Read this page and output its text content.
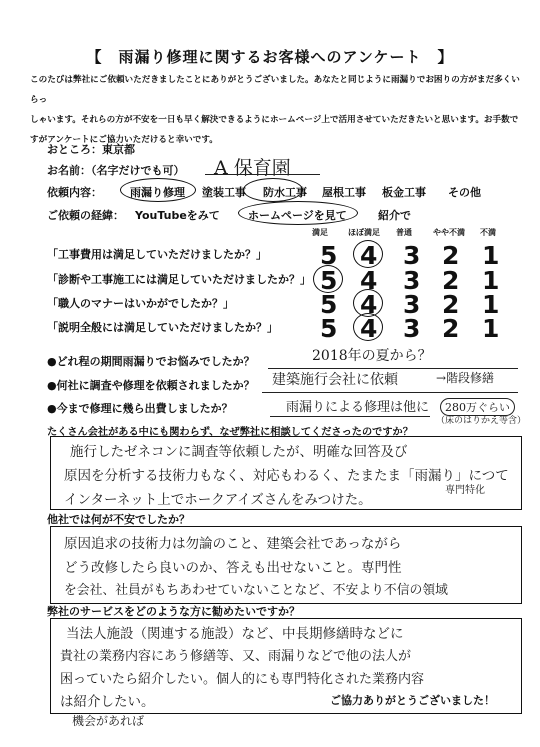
【　雨漏り修理に関するお客様へのアンケート　】
このたびは弊社にご依頼いただきましたことにありがとうございました。あなたと同じように雨漏りでお困りの方がまだ多くいらっ
しゃいます。それらの方が不安を一日も早く解決できるようにホームページ上で活用させていただきたいと思います。お手数で
すがアンケートにご協力いただけると幸いです。
おところ：東京都
お名前：（名字だけでも可） A 保育園
依頼内容：	雨漏り修理 塗装工事 防水工事 屋根工事 板金工事 その他
ご依頼の経緯： YouTubeをみて	ホームページを見て	紹介で
満足	ほぼ満足 普通	やや不満 不満
「工事費用は満足していただけましたか？」 5 4 3 2 1
「診断や工事施工には満足していただけましたか？」 5 4 3 2 1
「職人のマナーはいかがでしたか？」	5 4 3 2 1
「説明全般には満足していただけましたか？」 5 4 3 2 1
●どれ程の期間雨漏りでお悩みでしたか？	2018年の夏から？
●何社に調査や修理を依頼されましたか？ 建築施行会社に依頼	→階段修繕
●今まで修理に幾ら出費しましたか？	雨漏りによる修理は他に	280万ぐらい
（床のはりかえ等含）
たくさん会社がある中にも関わらず、なぜ弊社に相談してくださったのですか？
施行したゼネコンに調査等依頼したが、明確な回答及び
原因を分析する技術力もなく、対応もわるく、たまたま「雨漏り」につて
インターネット上でホークアイズさんをみつけた。
専門特化
他社では何が不安でしたか？
原因追求の技術力は勿論のこと、建築会社であっながら
どう改修したら良いのか、答えも出せないこと。専門性
を会社、社員がもちあわせていないことなど、不安より不信の領域
弊社のサービスをどのような方に勧めたいですか？
当法人施設（関連する施設）など、中長期修繕時などに
貴社の業務内容にあう修繕等、又、雨漏りなどで他の法人が
困っていたら紹介したい。個人的にも専門特化された業務内容
は紹介したい。
機会があれば
ご協力ありがとうございました！
